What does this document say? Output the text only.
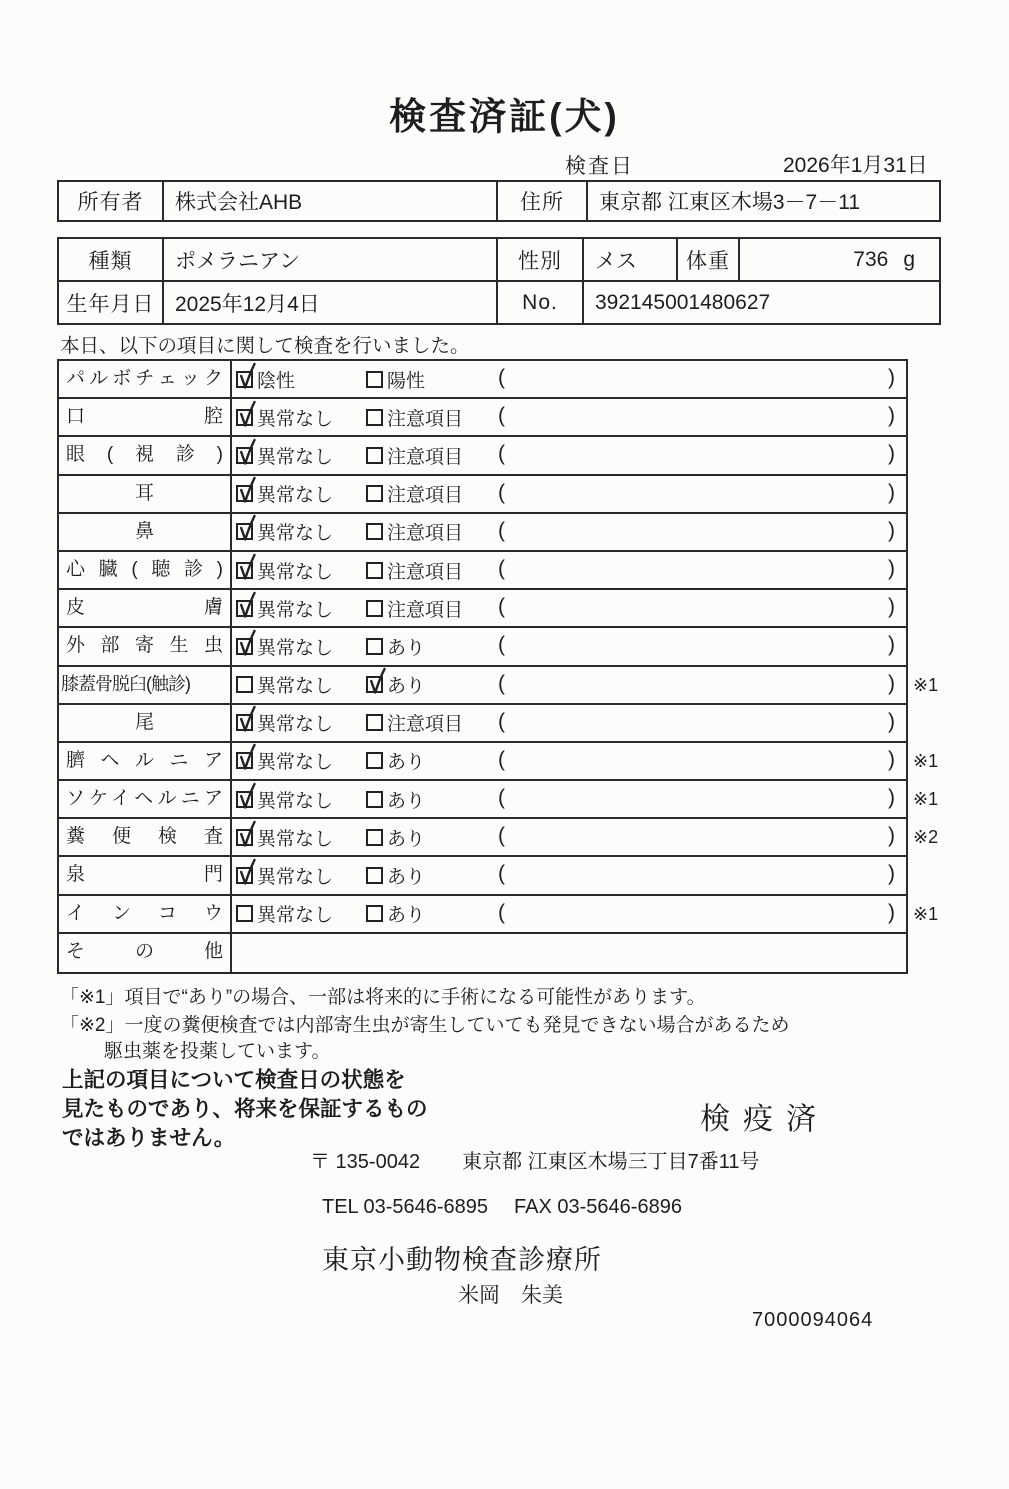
検査済証(犬)
検査日	2026年1月31日
所有者	株式会社AHB	住所	東京都 江東区木場3－7－11
種類	ポメラニアン	性別	メス	体重	736 g
生年月日 2025年12月4日	No.	392145001480627
本日、以下の項目に関して検査を行いました。
パルボチェック	陰性	陽性	(	)
口腔	異常なし	注意項目 (	)
眼(視診)	異常なし	注意項目 (	)
耳	異常なし	注意項目 (	)
鼻	異常なし	注意項目 (	)
心臓(聴診)	異常なし	注意項目 (	)
皮膚	異常なし	注意項目 (	)
外部寄生虫	異常なし	あり	(	)
膝蓋骨脱臼(触診)	異常なし	あり	(	) ※1
尾	異常なし	注意項目 (	)
臍ヘルニア	異常なし	あり	(	) ※1
ソケイヘルニア	異常なし	あり	(	) ※1
糞便検査	異常なし	あり	(	) ※2
泉門	異常なし	あり	(	)
インコウ	異常なし	あり	(	) ※1
その他
「※1」項目で“あり”の場合、一部は将来的に手術になる可能性があります。
「※2」一度の糞便検査では内部寄生虫が寄生していても発見できない場合があるため
駆虫薬を投薬しています。
上記の項目について検査日の状態を
見たものであり、将来を保証するもの
ではありません。
検疫済
〒 135-0042 東京都 江東区木場三丁目7番11号
TEL 03-5646-6895 FAX 03-5646-6896
東京小動物検査診療所
米岡　朱美
7000094064
